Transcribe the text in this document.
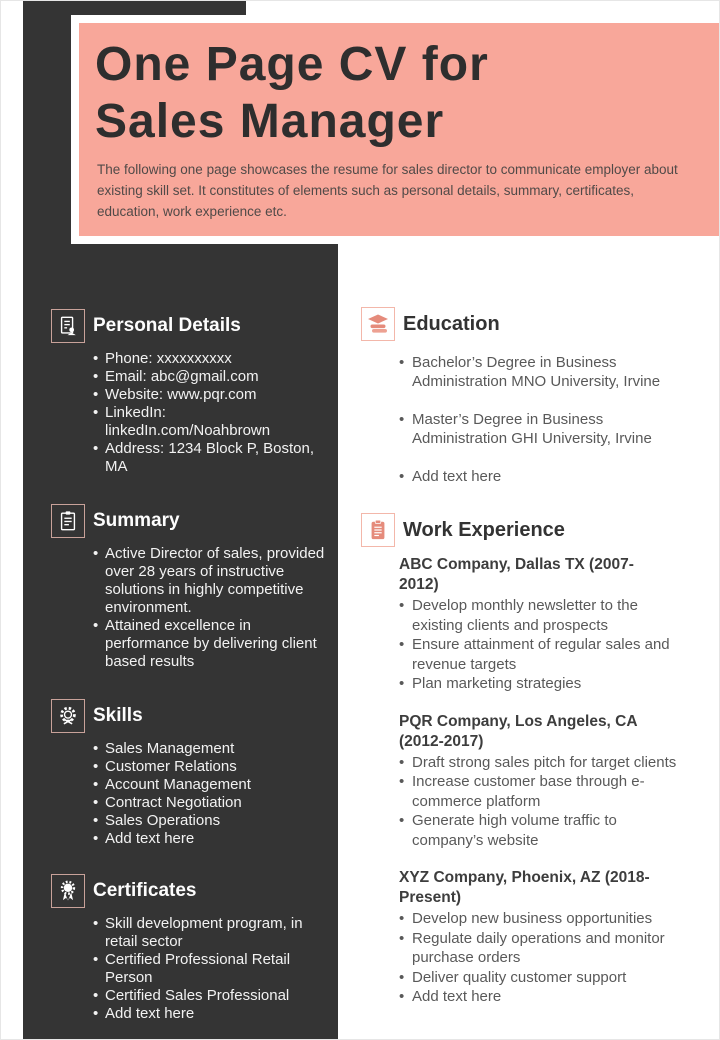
One Page CV for
Sales Manager

The following one page showcases the resume for sales director to communicate employer about existing skill set. It constitutes of elements such as personal details, summary, certificates, education, work experience etc.

Personal Details
• Phone: xxxxxxxxxx
• Email: abc@gmail.com
• Website: www.pqr.com
• LinkedIn: linkedIn.com/Noahbrown
• Address: 1234 Block P, Boston, MA
Summary
• Active Director of sales, provided over 28 years of instructive solutions in highly competitive environment.
• Attained excellence in performance by delivering client based results
Skills
• Sales Management
• Customer Relations
• Account Management
• Contract Negotiation
• Sales Operations
• Add text here
Certificates
• Skill development program, in retail sector
• Certified Professional Retail Person
• Certified Sales Professional
• Add text here
Education
• Bachelor’s Degree in Business Administration MNO University, Irvine
• Master’s Degree in Business Administration GHI University, Irvine
• Add text here
Work Experience
ABC Company, Dallas TX (2007-2012)
• Develop monthly newsletter to the existing clients and prospects
• Ensure attainment of regular sales and revenue targets
• Plan marketing strategies
PQR Company, Los Angeles, CA (2012-2017)
• Draft strong sales pitch for target clients
• Increase customer base through e-commerce platform
• Generate high volume traffic to company’s website
XYZ Company, Phoenix, AZ (2018-Present)
• Develop new business opportunities
• Regulate daily operations and monitor purchase orders
• Deliver quality customer support
• Add text here
